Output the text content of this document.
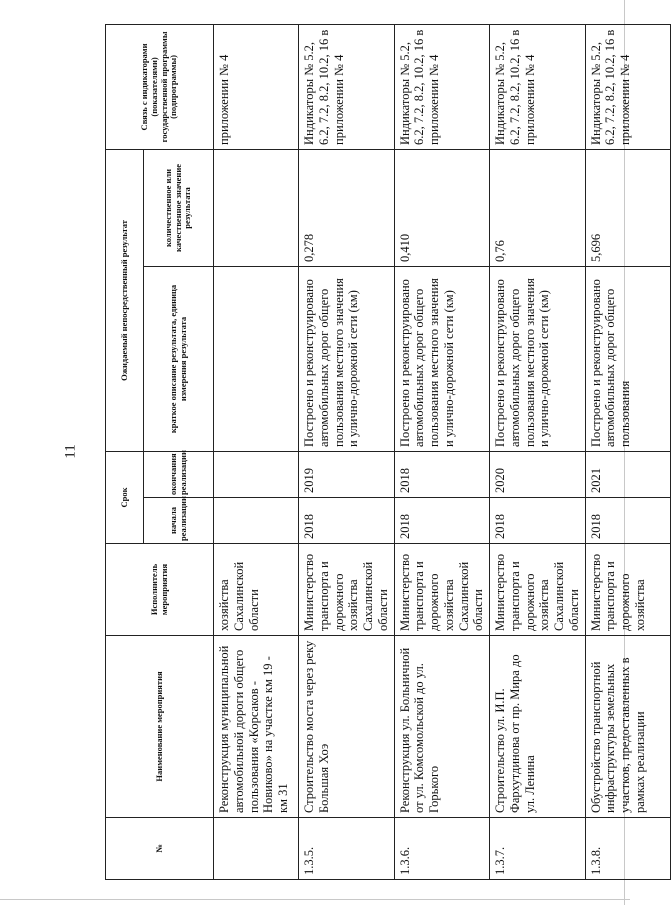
11
№	Наименование мероприятия	Исполнитель мероприятия	Срок		Ожидаемый непосредственный результат		Связь с индикаторами (показателями) государственной программы (подпрограммы)
			начала реализации	окончания реализации	краткое описание результата, единица измерения результата	количественное или качественное значение результата	
	Реконструкция муниципальной автомобильной дороги общего пользования «Корсаков - Новиково» на участке км 19 - км 31	хозяйства Сахалинской области					приложении № 4
1.3.5.	Строительство моста через реку Большая Хоэ	Министерство транспорта и дорожного хозяйства Сахалинской области	2018	2019	Построено и реконструировано автомобильных дорог общего пользования местного значения и улично-дорожной сети (км)	0,278	Индикаторы № 5.2, 6.2, 7.2, 8.2, 10.2, 16 в приложении № 4
1.3.6.	Реконструкция ул. Больничной от ул. Комсомольской до ул. Горького	Министерство транспорта и дорожного хозяйства Сахалинской области	2018	2018	Построено и реконструировано автомобильных дорог общего пользования местного значения и улично-дорожной сети (км)	0,410	Индикаторы № 5.2, 6.2, 7.2, 8.2, 10.2, 16 в приложении № 4
1.3.7.	Строительство ул. И.П. Фархутдинова от пр. Мира до ул. Ленина	Министерство транспорта и дорожного хозяйства Сахалинской области	2018	2020	Построено и реконструировано автомобильных дорог общего пользования местного значения и улично-дорожной сети (км)	0,76	Индикаторы № 5.2, 6.2, 7.2, 8.2, 10.2, 16 в приложении № 4
1.3.8.	Обустройство транспортной инфраструктуры земельных участков, предоставленных в рамках реализации	Министерство транспорта и дорожного хозяйства	2018	2021	Построено и реконструировано автомобильных дорог общего пользования	5,696	Индикаторы № 5.2, 6.2, 7.2, 8.2, 10.2, 16 в приложении № 4
